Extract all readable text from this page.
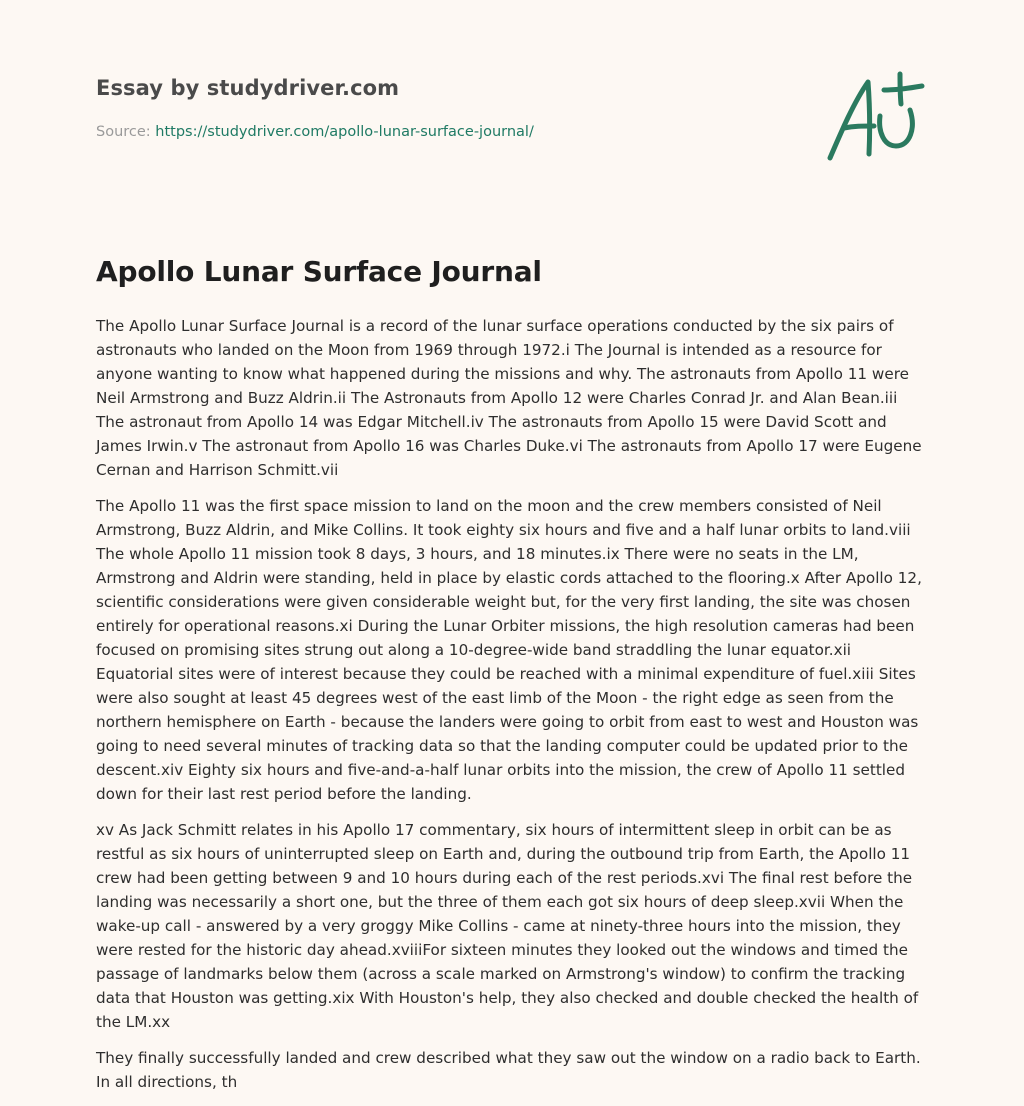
Essay by studydriver.com
Source: https://studydriver.com/apollo-lunar-surface-journal/
Apollo Lunar Surface Journal

The Apollo Lunar Surface Journal is a record of the lunar surface operations conducted by the six pairs of astronauts who landed on the Moon from 1969 through 1972.i The Journal is intended as a resource for anyone wanting to know what happened during the missions and why. The astronauts from Apollo 11 were Neil Armstrong and Buzz Aldrin.ii The Astronauts from Apollo 12 were Charles Conrad Jr. and Alan Bean.iii The astronaut from Apollo 14 was Edgar Mitchell.iv The astronauts from Apollo 15 were David Scott and James Irwin.v The astronaut from Apollo 16 was Charles Duke.vi The astronauts from Apollo 17 were Eugene Cernan and Harrison Schmitt.vii

The Apollo 11 was the first space mission to land on the moon and the crew members consisted of Neil Armstrong, Buzz Aldrin, and Mike Collins. It took eighty six hours and five and a half lunar orbits to land.viii The whole Apollo 11 mission took 8 days, 3 hours, and 18 minutes.ix There were no seats in the LM, Armstrong and Aldrin were standing, held in place by elastic cords attached to the flooring.x After Apollo 12, scientific considerations were given considerable weight but, for the very first landing, the site was chosen entirely for operational reasons.xi During the Lunar Orbiter missions, the high resolution cameras had been focused on promising sites strung out along a 10-degree-wide band straddling the lunar equator.xii Equatorial sites were of interest because they could be reached with a minimal expenditure of fuel.xiii Sites were also sought at least 45 degrees west of the east limb of the Moon - the right edge as seen from the northern hemisphere on Earth - because the landers were going to orbit from east to west and Houston was going to need several minutes of tracking data so that the landing computer could be updated prior to the descent.xiv Eighty six hours and five-and-a-half lunar orbits into the mission, the crew of Apollo 11 settled down for their last rest period before the landing.

xv As Jack Schmitt relates in his Apollo 17 commentary, six hours of intermittent sleep in orbit can be as restful as six hours of uninterrupted sleep on Earth and, during the outbound trip from Earth, the Apollo 11 crew had been getting between 9 and 10 hours during each of the rest periods.xvi The final rest before the landing was necessarily a short one, but the three of them each got six hours of deep sleep.xvii When the wake-up call - answered by a very groggy Mike Collins - came at ninety-three hours into the mission, they were rested for the historic day ahead.xviiiFor sixteen minutes they looked out the windows and timed the passage of landmarks below them (across a scale marked on Armstrong's window) to confirm the tracking data that Houston was getting.xix With Houston's help, they also checked and double checked the health of the LM.xx

They finally successfully landed and crew described what they saw out the window on a radio back to Earth. In all directions, th
